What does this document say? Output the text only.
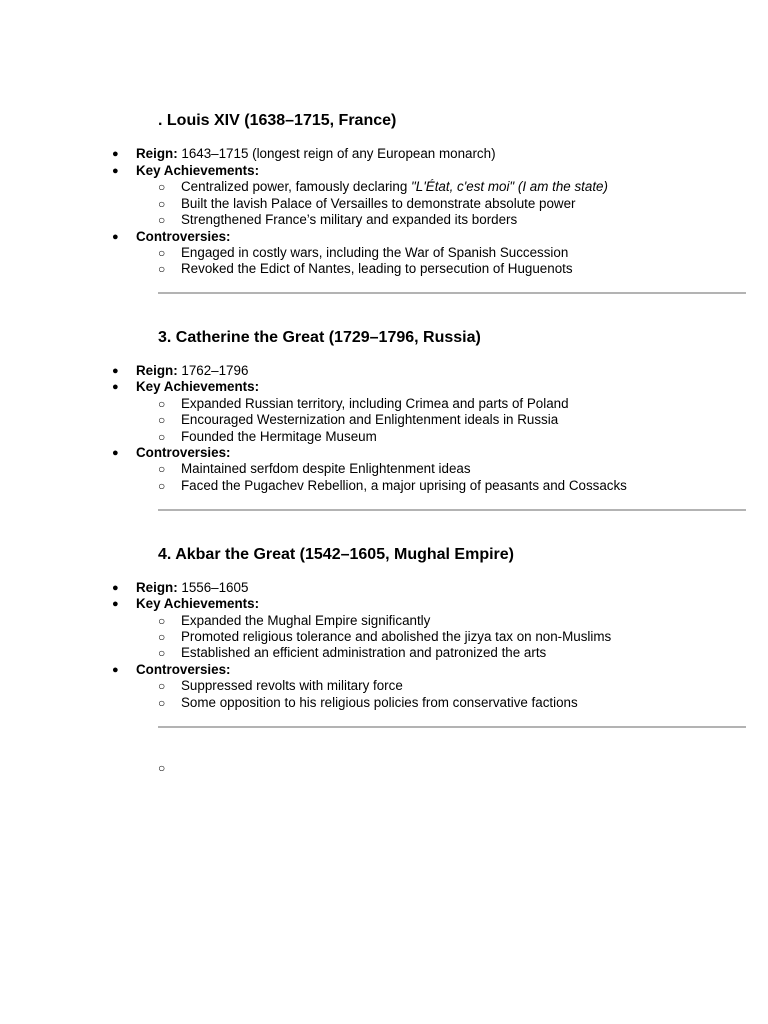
. Louis XIV (1638–1715, France)
● Reign: 1643–1715 (longest reign of any European monarch)
● Key Achievements:
○ Centralized power, famously declaring "L'État, c'est moi" (I am the state)
○ Built the lavish Palace of Versailles to demonstrate absolute power
○ Strengthened France’s military and expanded its borders
● Controversies:
○ Engaged in costly wars, including the War of Spanish Succession
○ Revoked the Edict of Nantes, leading to persecution of Huguenots
3. Catherine the Great (1729–1796, Russia)
● Reign: 1762–1796
● Key Achievements:
○ Expanded Russian territory, including Crimea and parts of Poland
○ Encouraged Westernization and Enlightenment ideals in Russia
○ Founded the Hermitage Museum
● Controversies:
○ Maintained serfdom despite Enlightenment ideas
○ Faced the Pugachev Rebellion, a major uprising of peasants and Cossacks
4. Akbar the Great (1542–1605, Mughal Empire)
● Reign: 1556–1605
● Key Achievements:
○ Expanded the Mughal Empire significantly
○ Promoted religious tolerance and abolished the jizya tax on non-Muslims
○ Established an efficient administration and patronized the arts
● Controversies:
○ Suppressed revolts with military force
○ Some opposition to his religious policies from conservative factions
○
